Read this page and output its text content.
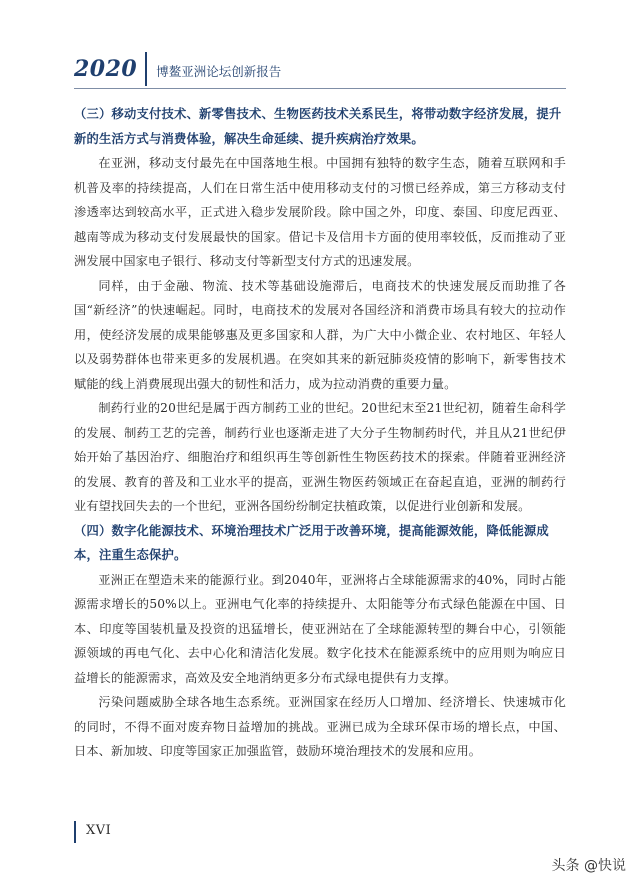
2020 博鳌亚洲论坛创新报告
（三）移动支付技术、新零售技术、生物医药技术关系民生，将带动数字经济发展，提升新的生活方式与消费体验，解决生命延续、提升疾病治疗效果。

在亚洲，移动支付最先在中国落地生根。中国拥有独特的数字生态，随着互联网和手机普及率的持续提高，人们在日常生活中使用移动支付的习惯已经养成，第三方移动支付渗透率达到较高水平，正式进入稳步发展阶段。除中国之外，印度、泰国、印度尼西亚、越南等成为移动支付发展最快的国家。借记卡及信用卡方面的使用率较低，反而推动了亚洲发展中国家电子银行、移动支付等新型支付方式的迅速发展。

同样，由于金融、物流、技术等基础设施滞后，电商技术的快速发展反而助推了各国“新经济”的快速崛起。同时，电商技术的发展对各国经济和消费市场具有较大的拉动作用，使经济发展的成果能够惠及更多国家和人群，为广大中小微企业、农村地区、年轻人以及弱势群体也带来更多的发展机遇。在突如其来的新冠肺炎疫情的影响下，新零售技术赋能的线上消费展现出强大的韧性和活力，成为拉动消费的重要力量。

制药行业的20世纪是属于西方制药工业的世纪。20世纪末至21世纪初，随着生命科学的发展、制药工艺的完善，制药行业也逐渐走进了大分子生物制药时代，并且从21世纪伊始开始了基因治疗、细胞治疗和组织再生等创新性生物医药技术的探索。伴随着亚洲经济的发展、教育的普及和工业水平的提高，亚洲生物医药领域正在奋起直追，亚洲的制药行业有望找回失去的一个世纪，亚洲各国纷纷制定扶植政策，以促进行业创新和发展。

（四）数字化能源技术、环境治理技术广泛用于改善环境，提高能源效能，降低能源成本，注重生态保护。

亚洲正在塑造未来的能源行业。到2040年，亚洲将占全球能源需求的40%，同时占能源需求增长的50%以上。亚洲电气化率的持续提升、太阳能等分布式绿色能源在中国、日本、印度等国装机量及投资的迅猛增长，使亚洲站在了全球能源转型的舞台中心，引领能源领域的再电气化、去中心化和清洁化发展。数字化技术在能源系统中的应用则为响应日益增长的能源需求，高效及安全地消纳更多分布式绿电提供有力支撑。

污染问题威胁全球各地生态系统。亚洲国家在经历人口增加、经济增长、快速城市化的同时，不得不面对废弃物日益增加的挑战。亚洲已成为全球环保市场的增长点，中国、日本、新加坡、印度等国家正加强监管，鼓励环境治理技术的发展和应用。

XVI
头条 @快说
